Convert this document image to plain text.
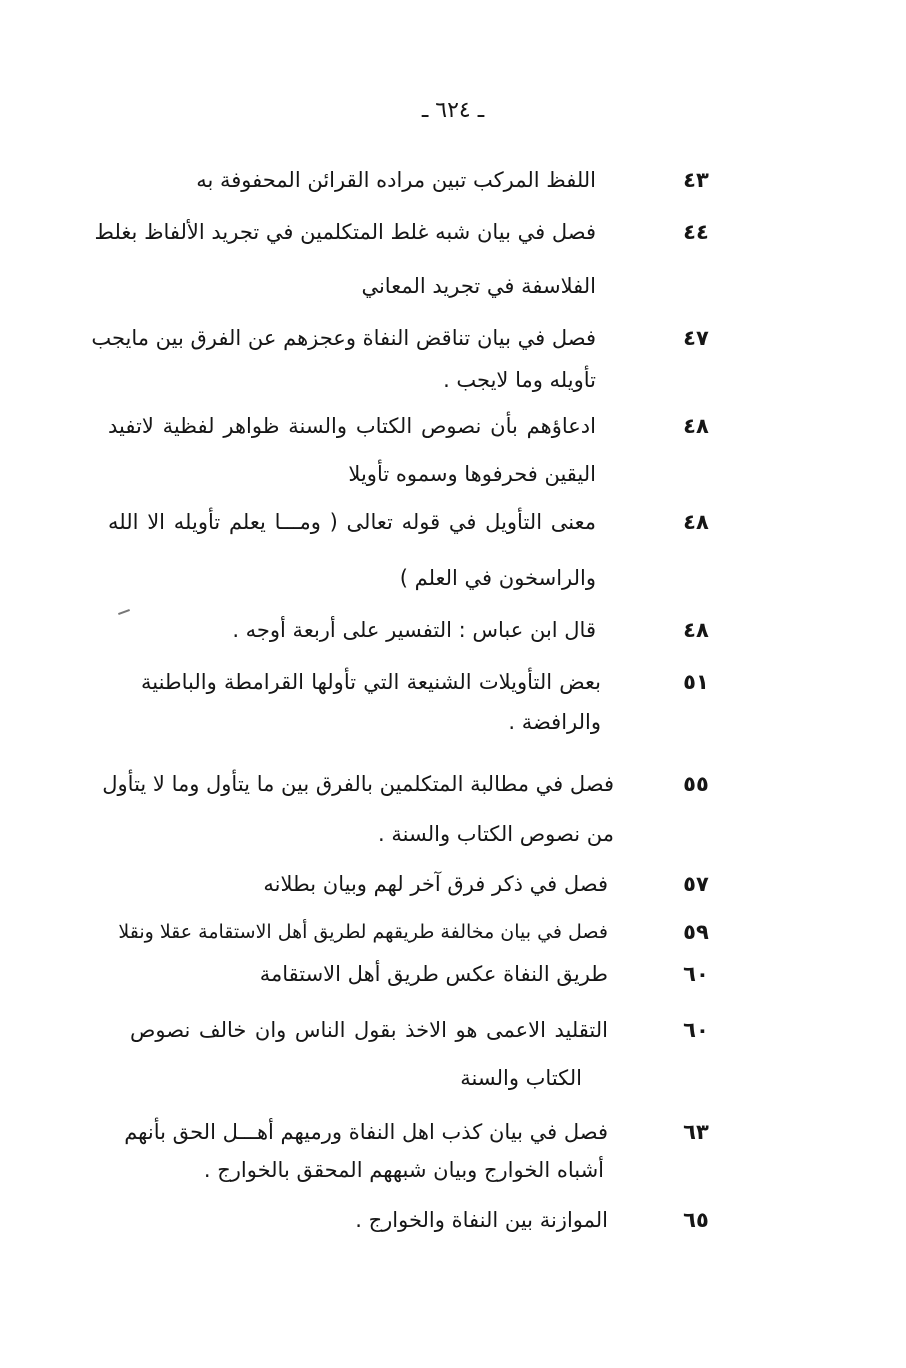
ـ ٦٢٤ ـ
٤٣
اللفظ المركب تبين مراده القرائن المحفوفة به
٤٤
فصل في بيان شبه غلط المتكلمين في تجريد الألفاظ بغلط
الفلاسفة في تجريد المعاني
٤٧
فصل في بيان تناقض النفاة وعجزهم عن الفرق بين مايجب
تأويله وما لايجب .
٤٨
ادعاؤهم بأن نصوص الكتاب والسنة ظواهر لفظية لاتفيد
اليقين فحرفوها وسموه تأويلا
٤٨
معنى التأويل في قوله تعالى ( ومـــا يعلم تأويله الا الله
والراسخون في العلم )
٤٨
قال ابن عباس : التفسير على أربعة أوجه .
٥١
بعض التأويلات الشنيعة التي تأولها القرامطة والباطنية
والرافضة .
٥٥
فصل في مطالبة المتكلمين بالفرق بين ما يتأول وما لا يتأول
من نصوص الكتاب والسنة .
٥٧
فصل في ذكر فرق آخر لهم وبيان بطلانه
٥٩
فصل في بيان مخالفة طريقهم لطريق أهل الاستقامة عقلا ونقلا
٦٠
طريق النفاة عكس طريق أهل الاستقامة
٦٠
التقليد الاعمى هو الاخذ بقول الناس وان خالف نصوص
الكتاب والسنة
٦٣
فصل في بيان كذب اهل النفاة ورميهم أهـــل الحق بأنهم
أشباه الخوارج وبيان شبههم المحقق بالخوارج .
٦٥
الموازنة بين النفاة والخوارج .
